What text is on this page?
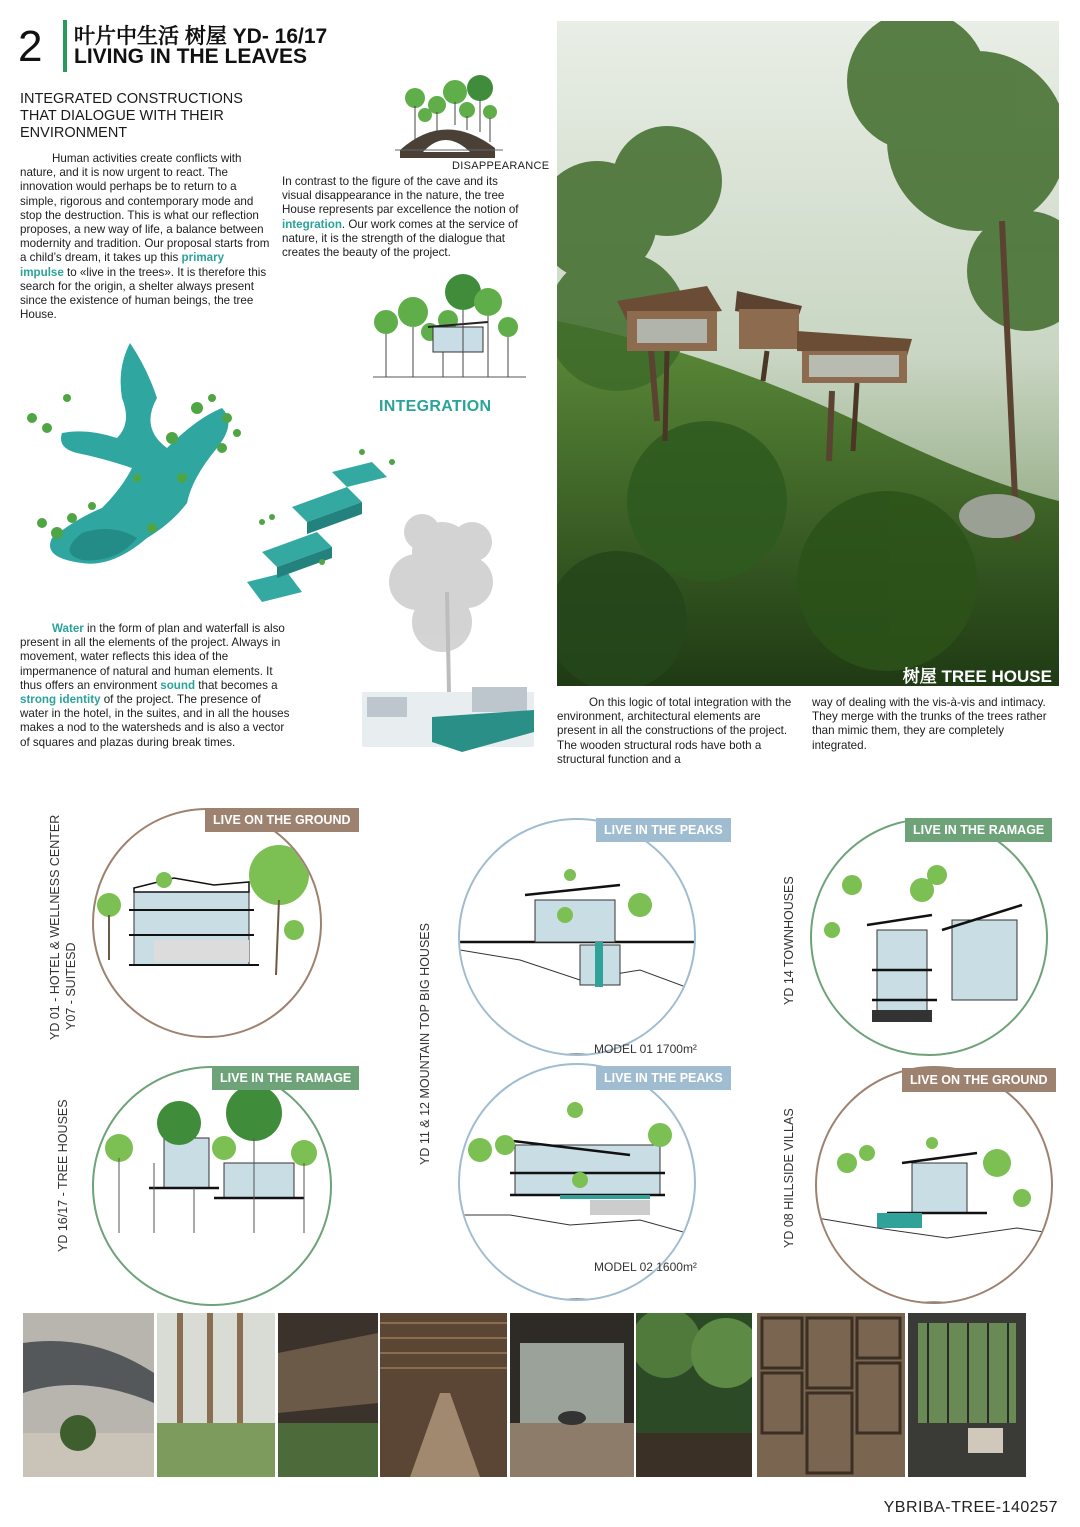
2 叶片中生活 树屋 YD- 16/17
LIVING IN THE LEAVES
INTEGRATED CONSTRUCTIONS THAT DIALOGUE WITH THEIR ENVIRONMENT
Human activities create conflicts with nature, and it is now urgent to react. The innovation would perhaps be to return to a simple, rigorous and contemporary mode and stop the destruction. This is what our reflection proposes, a new way of life, a balance between modernity and tradition. Our proposal starts from a child’s dream, it takes up this primary impulse to «live in the trees». It is therefore this search for the origin, a shelter always present since the existence of human beings, the tree House.
DISAPPEARANCE
In contrast to the figure of the cave and its visual disappearance in the nature, the tree House represents par excellence the notion of integration. Our work comes at the service of nature, it is the strength of the dialogue that creates the beauty of the project.
INTEGRATION
Water in the form of plan and waterfall is also present in all the elements of the project. Always in movement, water reflects this idea of the impermanence of natural and human elements. It thus offers an environment sound that becomes a strong identity of the project. The presence of water in the hotel, in the suites, and in all the houses makes a nod to the watersheds and is also a vector of squares and plazas during break times.
树屋 TREE HOUSE
On this logic of total integration with the environment, architectural elements are present in all the constructions of the project. The wooden structural rods have both a structural function and a
way of dealing with the vis-à-vis and intimacy. They merge with the trunks of the trees rather than mimic them, they are completely integrated.
LIVE ON THE GROUND
YD 01 - HOTEL & WELLNESS CENTER Y07 - SUITESD
LIVE IN THE PEAKS
MODEL 01 1700m²
YD 11 & 12 MOUNTAIN TOP BIG HOUSES
LIVE IN THE RAMAGE
YD 14 TOWNHOUSES
LIVE IN THE RAMAGE
YD 16/17 - TREE HOUSES
LIVE IN THE PEAKS
MODEL 02 1600m²
LIVE ON THE GROUND
YD 08 HILLSIDE VILLAS
YBRIBA-TREE-140257
